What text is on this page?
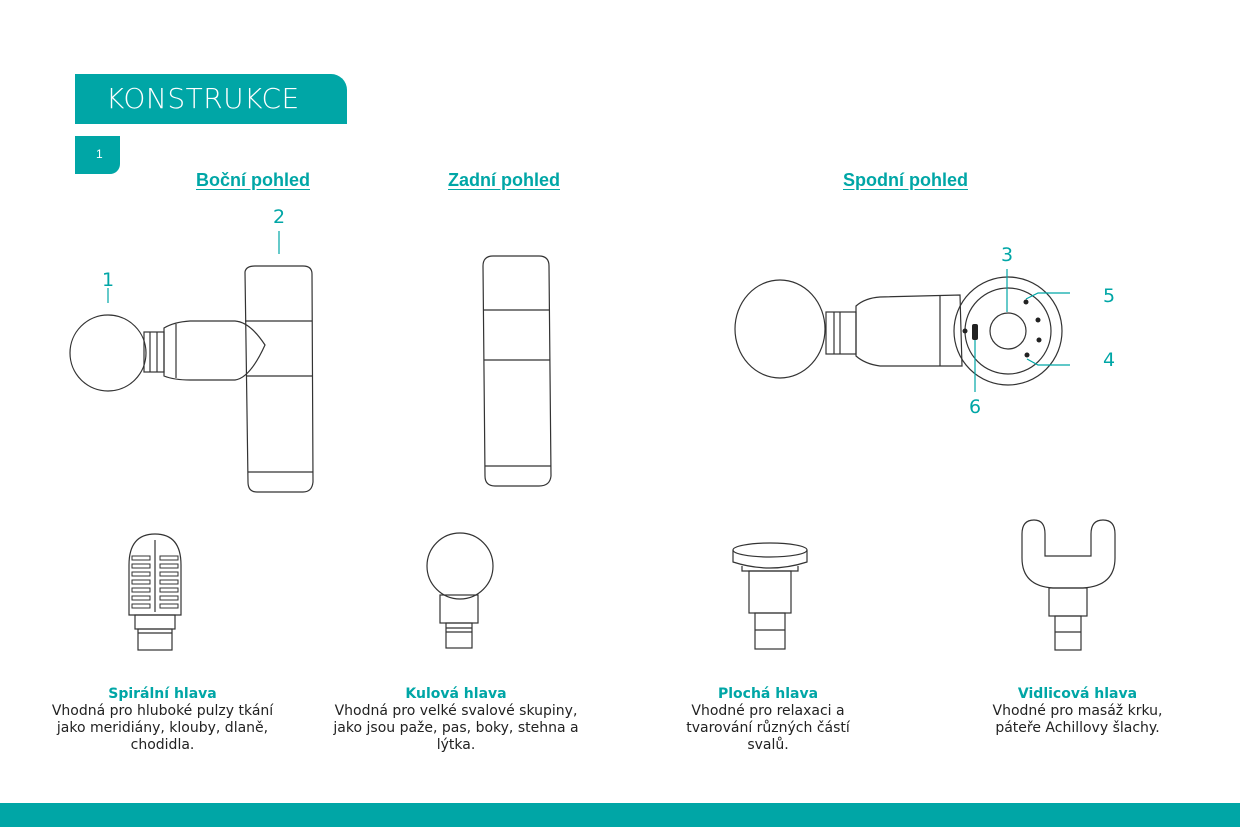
KONSTRUKCE
1
Boční pohled	Zadní pohled	Spodní pohled
1
2
3
5
4
6
Spirální hlava
Vhodná pro hluboké pulzy tkání jako meridiány, klouby, dlaně, chodidla.
Kulová hlava
Vhodná pro velké svalové skupiny, jako jsou paže, pas, boky, stehna a lýtka.
Plochá hlava
Vhodné pro relaxaci a tvarování různých částí svalů.
Vidlicová hlava
Vhodné pro masáž krku, páteře Achillovy šlachy.
